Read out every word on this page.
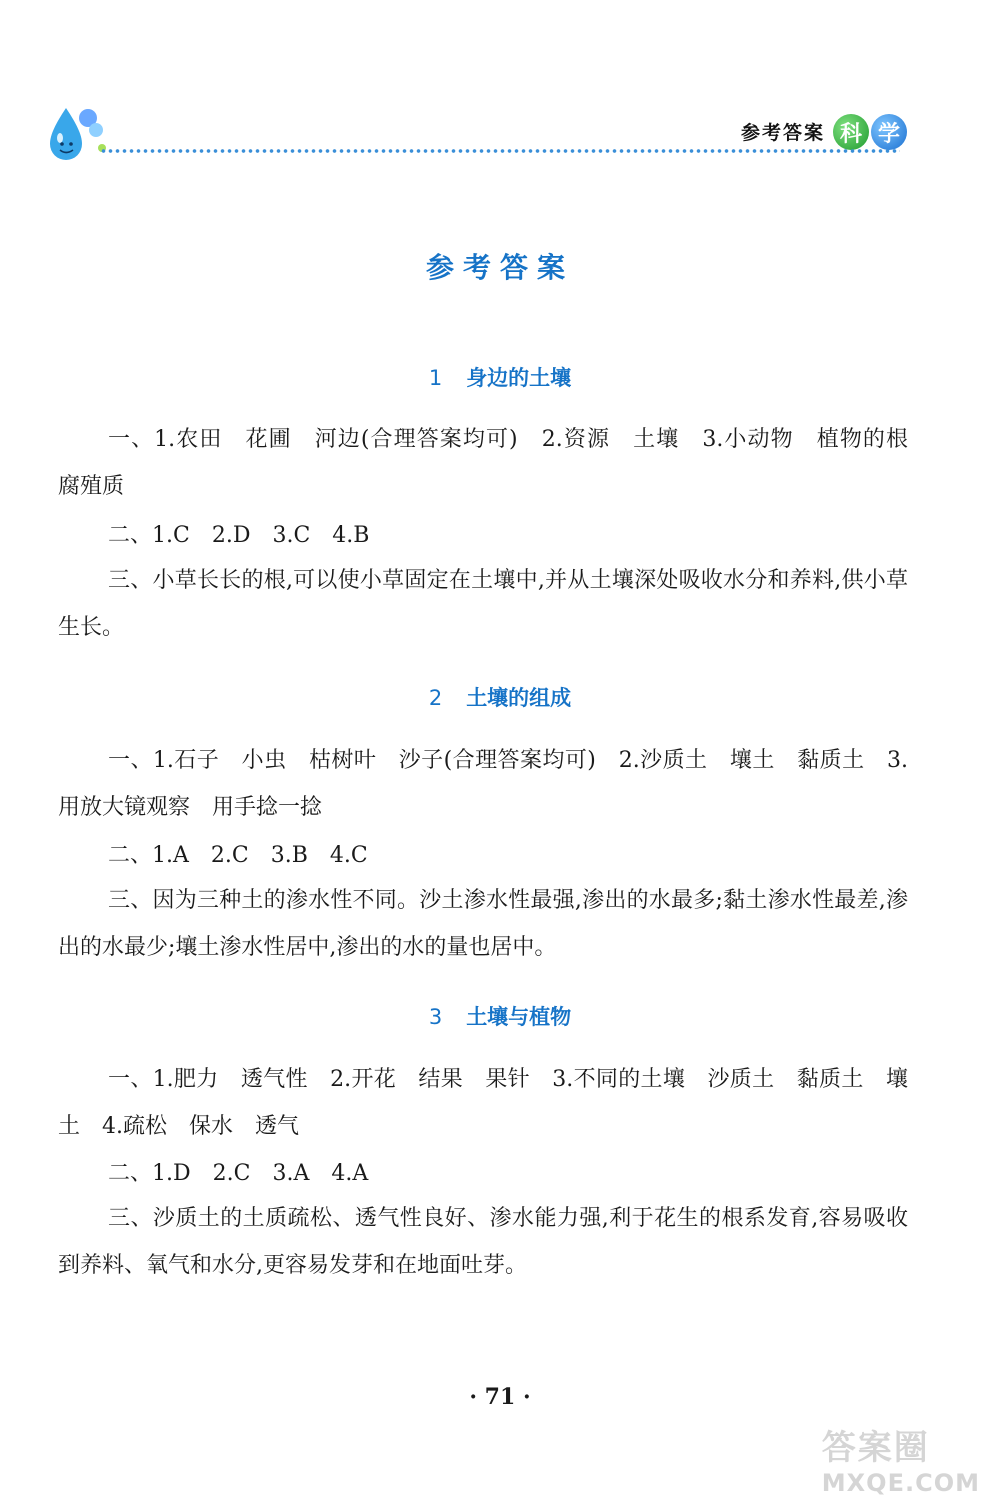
参考答案 科 学
参考答案
1 身边的土壤

一、1.农田　花圃　河边(合理答案均可)　2.资源　土壤　3.小动物　植物的根　腐殖质

二、1.C　2.D　3.C　4.B

三、小草长长的根,可以使小草固定在土壤中,并从土壤深处吸收水分和养料,供小草生长。

2 土壤的组成

一、1.石子　小虫　枯树叶　沙子(合理答案均可)　2.沙质土　壤土　黏质土　3.用放大镜观察　用手捻一捻

二、1.A　2.C　3.B　4.C

三、因为三种土的渗水性不同。沙土渗水性最强,渗出的水最多;黏土渗水性最差,渗出的水最少;壤土渗水性居中,渗出的水的量也居中。

3 土壤与植物

一、1.肥力　透气性　2.开花　结果　果针　3.不同的土壤　沙质土　黏质土　壤土　4.疏松　保水　透气

二、1.D　2.C　3.A　4.A

三、沙质土的土质疏松、透气性良好、渗水能力强,利于花生的根系发育,容易吸收到养料、氧气和水分,更容易发芽和在地面吐芽。

· 71 ·
答案圈
MXQE.COM
